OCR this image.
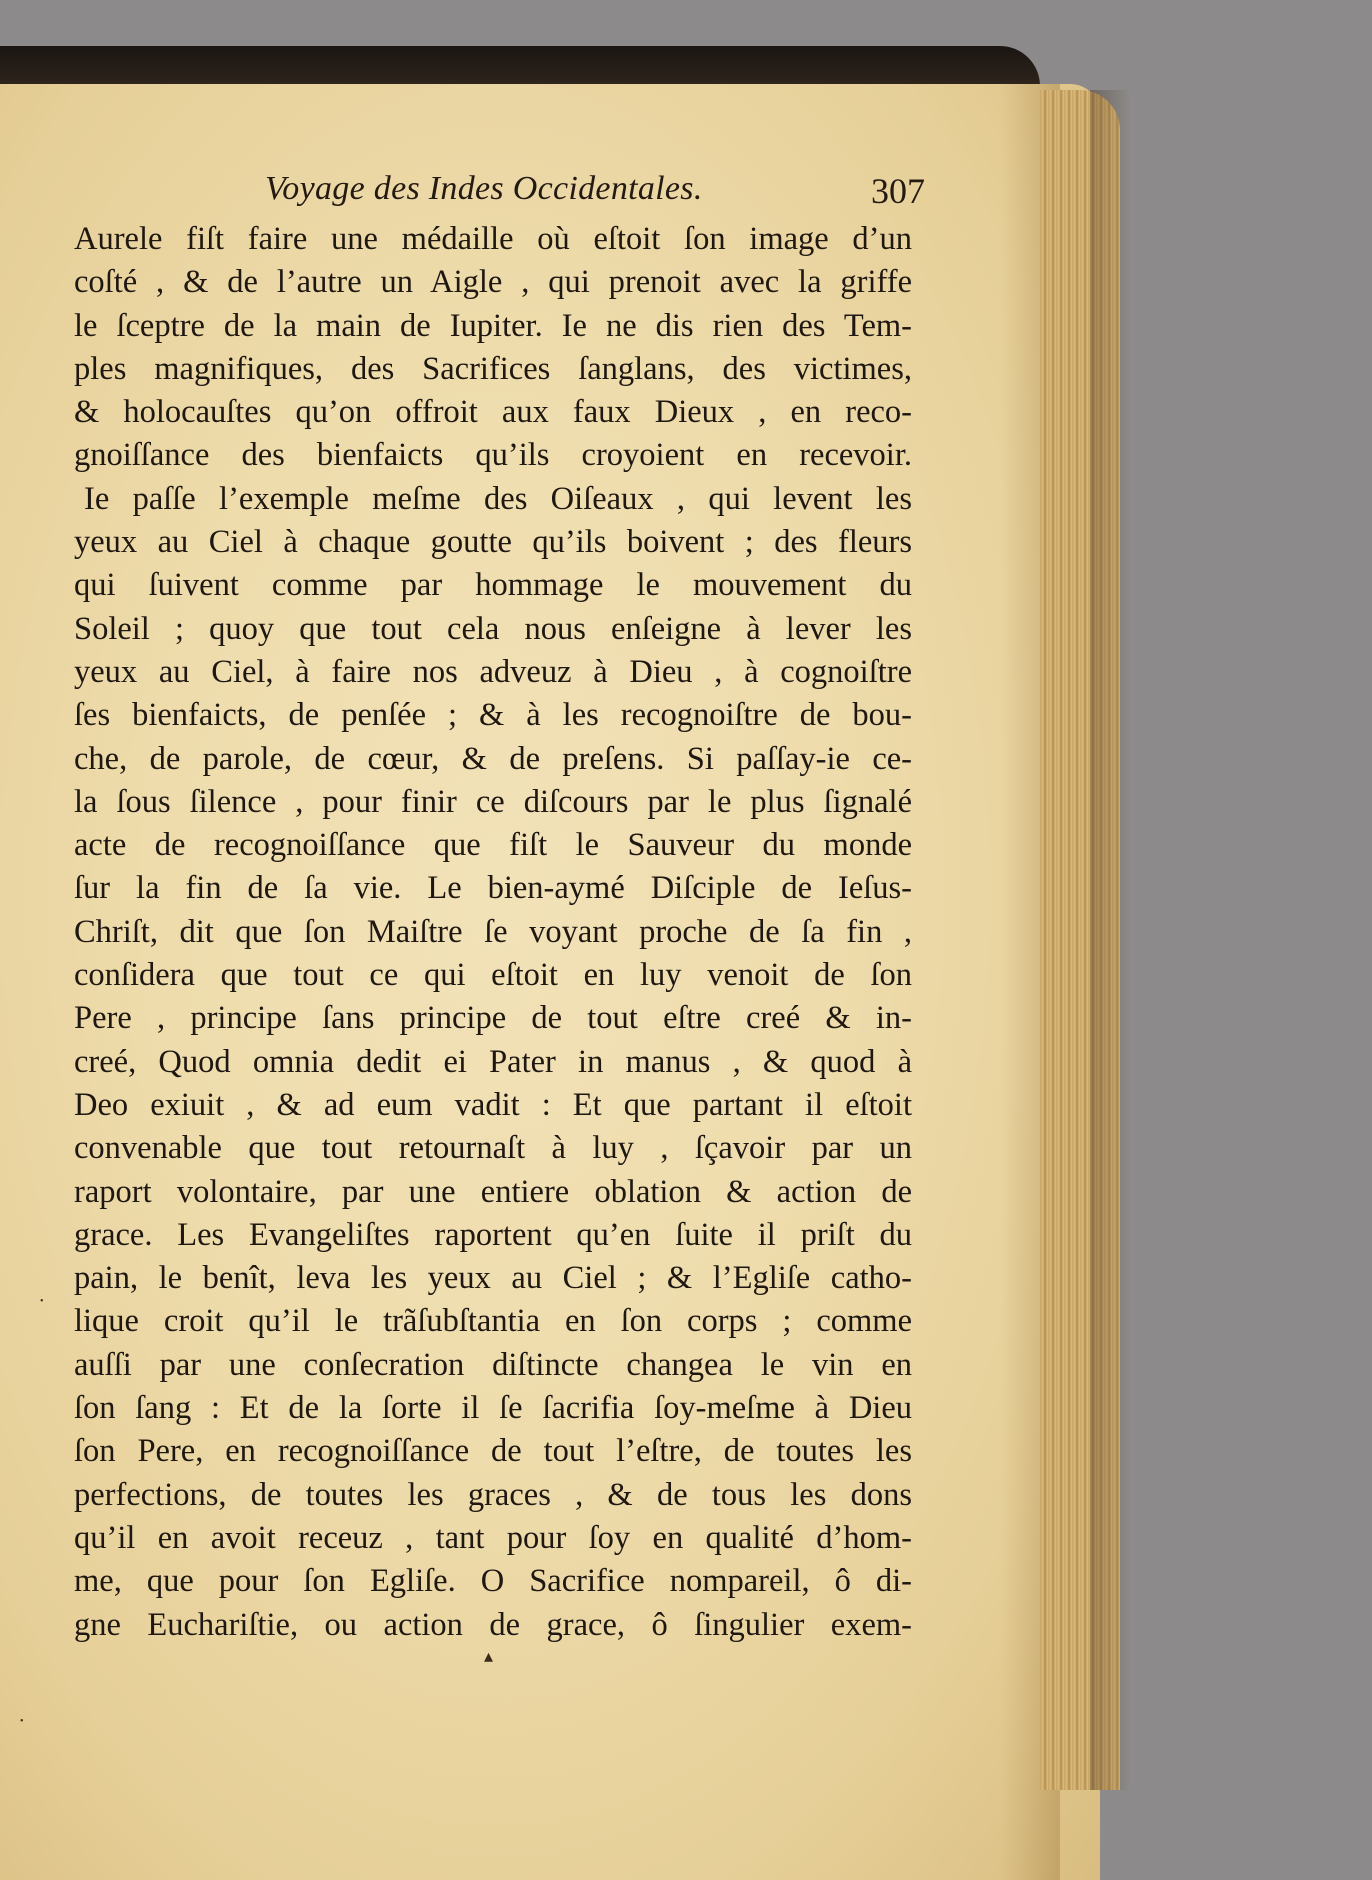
Voyage des Indes Occidentales.	307
Aurele fiſt faire une médaille où eſtoit ſon image d’un
coſté , & de l’autre un Aigle , qui prenoit avec la griffe
le ſceptre de la main de Iupiter. Ie ne dis rien des Tem-
ples magnifiques, des Sacrifices ſanglans, des victimes,
& holocauſtes qu’on offroit aux faux Dieux , en reco-
gnoiſſance des bienfaicts qu’ils croyoient en recevoir.
Ie paſſe l’exemple meſme des Oiſeaux , qui levent les
yeux au Ciel à chaque goutte qu’ils boivent ; des fleurs
qui ſuivent comme par hommage le mouvement du
Soleil ; quoy que tout cela nous enſeigne à lever les
yeux au Ciel, à faire nos adveuz à Dieu , à cognoiſtre
ſes bienfaicts, de penſée ; & à les recognoiſtre de bou-
che, de parole, de cœur, & de preſens. Si paſſay-ie ce-
la ſous ſilence , pour finir ce diſcours par le plus ſignalé
acte de recognoiſſance que fiſt le Sauveur du monde
ſur la fin de ſa vie. Le bien-aymé Diſciple de Ieſus-
Chriſt, dit que ſon Maiſtre ſe voyant proche de ſa fin ,
conſidera que tout ce qui eſtoit en luy venoit de ſon
Pere , principe ſans principe de tout eſtre creé & in-
creé, Quod omnia dedit ei Pater in manus , & quod à
Deo exiuit , & ad eum vadit : Et que partant il eſtoit
convenable que tout retournaſt à luy , ſçavoir par un
raport volontaire, par une entiere oblation & action de
grace. Les Evangeliſtes raportent qu’en ſuite il priſt du
pain, le benît, leva les yeux au Ciel ; & l’Egliſe catho-
lique croit qu’il le trãſubſtantia en ſon corps ; comme
auſſi par une conſecration diſtincte changea le vin en
ſon ſang : Et de la ſorte il ſe ſacrifia ſoy-meſme à Dieu
ſon Pere, en recognoiſſance de tout l’eſtre, de toutes les
perfections, de toutes les graces , & de tous les dons
qu’il en avoit receuz , tant pour ſoy en qualité d’hom-
me, que pour ſon Egliſe. O Sacrifice nompareil, ô di-
gne Euchariſtie, ou action de grace, ô ſingulier exem-
▴
•
•
